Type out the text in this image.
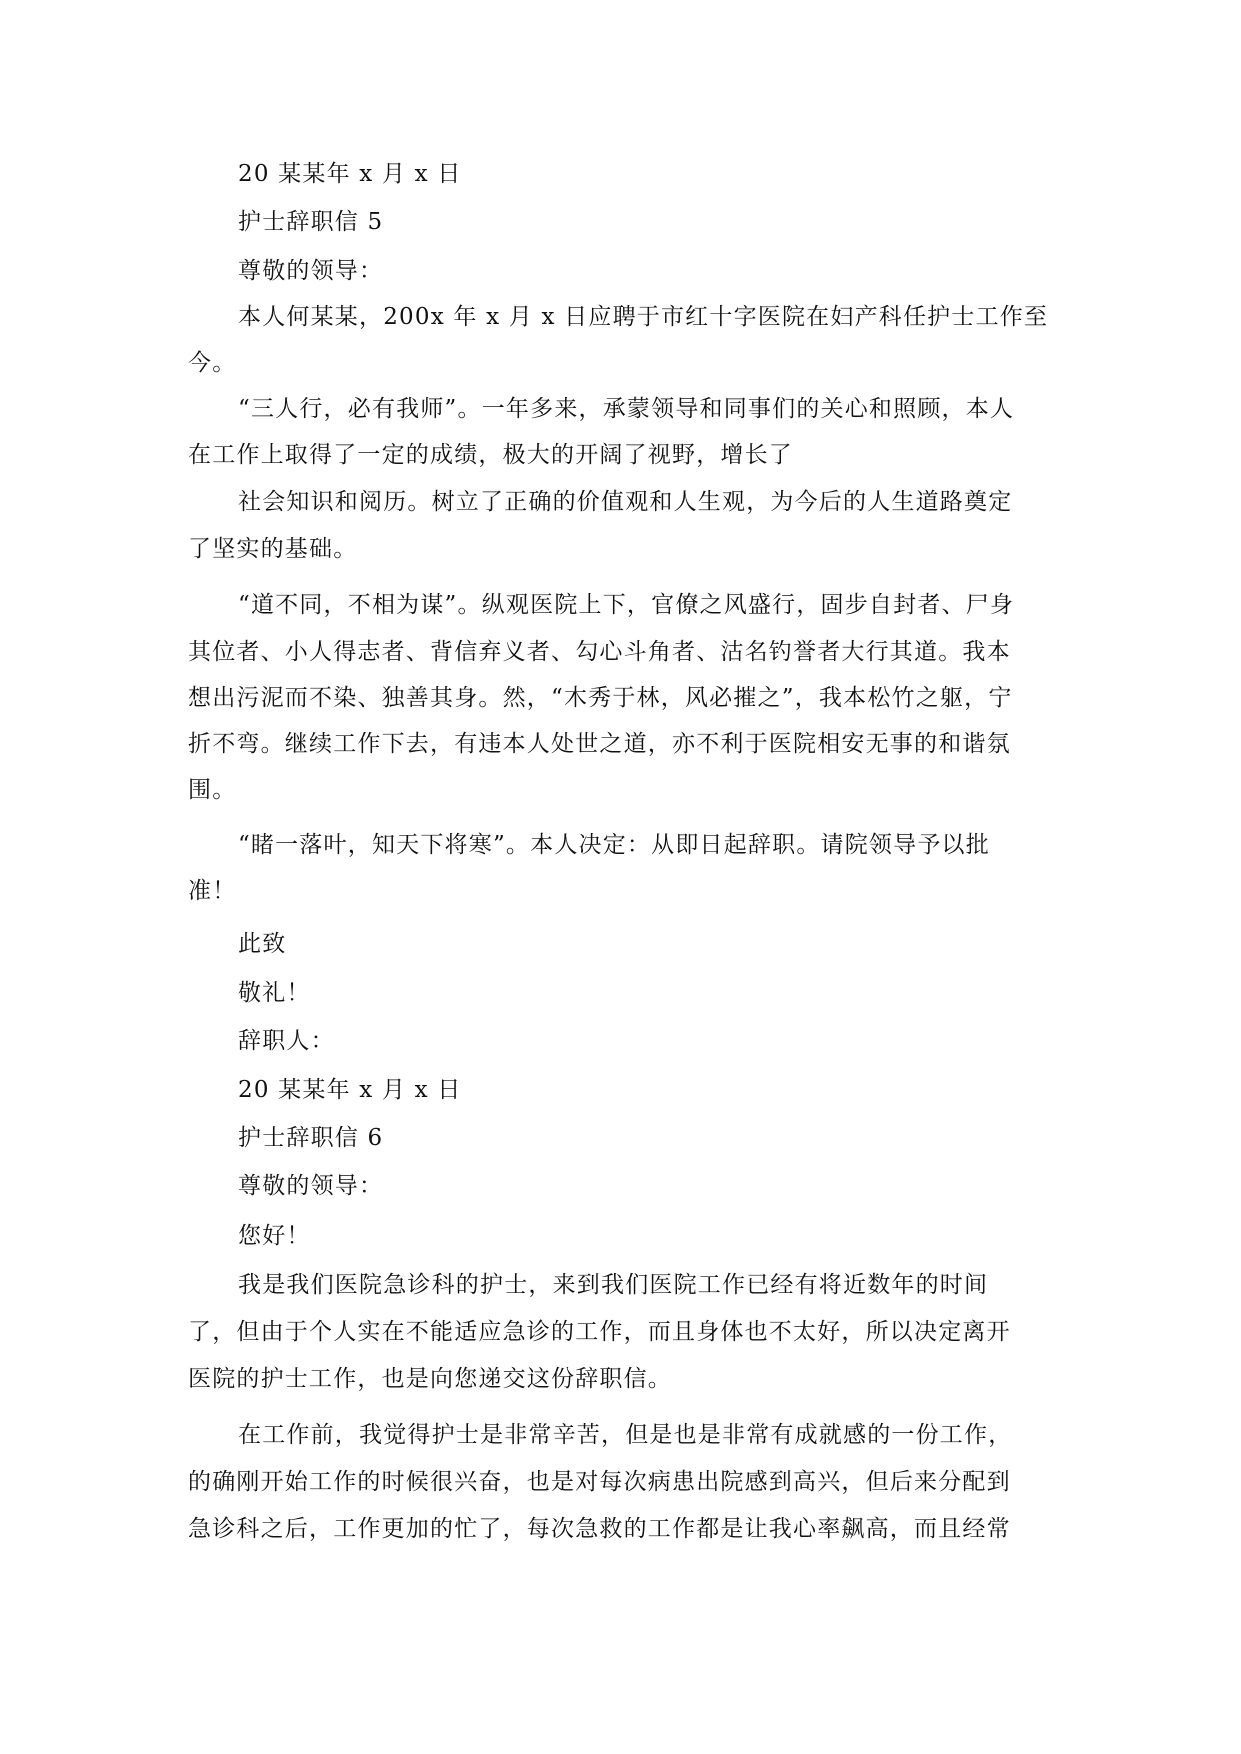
20 某某年 x 月 x 日
护士辞职信 5
尊敬的领导：
本人何某某，200x 年 x 月 x 日应聘于市红十字医院在妇产科任护士工作至
今。
“三人行，必有我师”。一年多来，承蒙领导和同事们的关心和照顾，本人
在工作上取得了一定的成绩，极大的开阔了视野，增长了
社会知识和阅历。树立了正确的价值观和人生观，为今后的人生道路奠定
了坚实的基础。
“道不同，不相为谋”。纵观医院上下，官僚之风盛行，固步自封者、尸身
其位者、小人得志者、背信弃义者、勾心斗角者、沽名钓誉者大行其道。我本
想出污泥而不染、独善其身。然，“木秀于林，风必摧之”，我本松竹之躯，宁
折不弯。继续工作下去，有违本人处世之道，亦不利于医院相安无事的和谐氛
围。
“睹一落叶，知天下将寒”。本人决定：从即日起辞职。请院领导予以批
准！
此致
敬礼！
辞职人：
20 某某年 x 月 x 日
护士辞职信 6
尊敬的领导：
您好！
我是我们医院急诊科的护士，来到我们医院工作已经有将近数年的时间
了，但由于个人实在不能适应急诊的工作，而且身体也不太好，所以决定离开
医院的护士工作，也是向您递交这份辞职信。
在工作前，我觉得护士是非常辛苦，但是也是非常有成就感的一份工作，
的确刚开始工作的时候很兴奋，也是对每次病患出院感到高兴，但后来分配到
急诊科之后，工作更加的忙了，每次急救的工作都是让我心率飙高，而且经常
